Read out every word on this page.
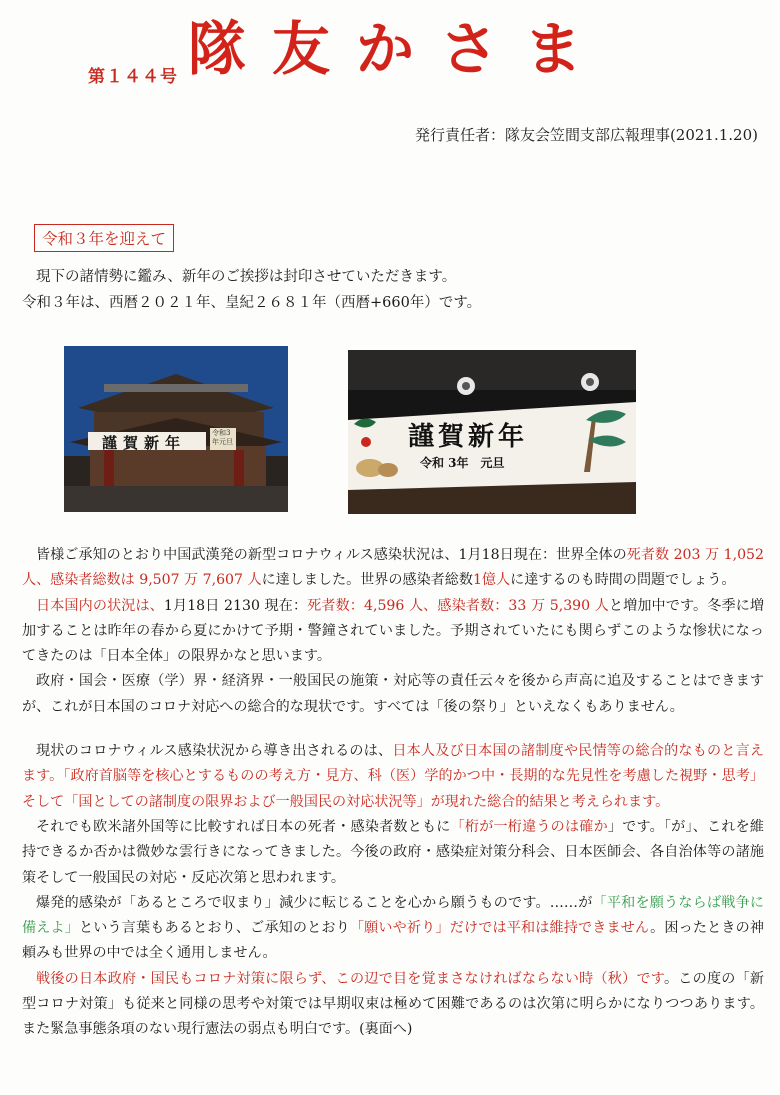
第１４４号 隊友かさま
発行責任者：隊友会笠間支部広報理事(2021.1.20)
令和３年を迎えて

現下の諸情勢に鑑み、新年のご挨拶は封印させていただきます。

令和３年は、西暦２０２１年、皇紀２６８１年（西暦+660年）です。

謹賀新年
令和3年元旦	謹賀新年
令和 3年　元旦

皆様ご承知のとおり中国武漢発の新型コロナウィルス感染状況は、1月18日現在：世界全体の死者数 203 万 1,052 人、感染者総数は 9,507 万 7,607 人に達しました。世界の感染者総数1億人に達するのも時間の問題でしょう。

日本国内の状況は、1月18日 2130 現在：死者数：4,596 人、感染者数：33 万 5,390 人と増加中です。冬季に増加することは昨年の春から夏にかけて予期・警鐘されていました。予期されていたにも関らずこのような惨状になってきたのは「日本全体」の限界かなと思います。

政府・国会・医療（学）界・経済界・一般国民の施策・対応等の責任云々を後から声高に追及することはできますが、これが日本国のコロナ対応への総合的な現状です。すべては「後の祭り」といえなくもありません。

現状のコロナウィルス感染状況から導き出されるのは、日本人及び日本国の諸制度や民情等の総合的なものと言えます。「政府首脳等を核心とするものの考え方・見方、科（医）学的かつ中・長期的な先見性を考慮した視野・思考」そして「国としての諸制度の限界および一般国民の対応状況等」が現れた総合的結果と考えられます。

それでも欧米諸外国等に比較すれば日本の死者・感染者数ともに「桁が一桁違うのは確か」です。「が」、これを維持できるか否かは微妙な雲行きになってきました。今後の政府・感染症対策分科会、日本医師会、各自治体等の諸施策そして一般国民の対応・反応次第と思われます。

爆発的感染が「あるところで収まり」減少に転じることを心から願うものです。……が「平和を願うならば戦争に備えよ」という言葉もあるとおり、ご承知のとおり「願いや祈り」だけでは平和は維持できません。困ったときの神頼みも世界の中では全く通用しません。

戦後の日本政府・国民もコロナ対策に限らず、この辺で目を覚まさなければならない時（秋）です。この度の「新型コロナ対策」も従来と同様の思考や対策では早期収束は極めて困難であるのは次第に明らかになりつつあります。また緊急事態条項のない現行憲法の弱点も明白です。(裏面へ)
